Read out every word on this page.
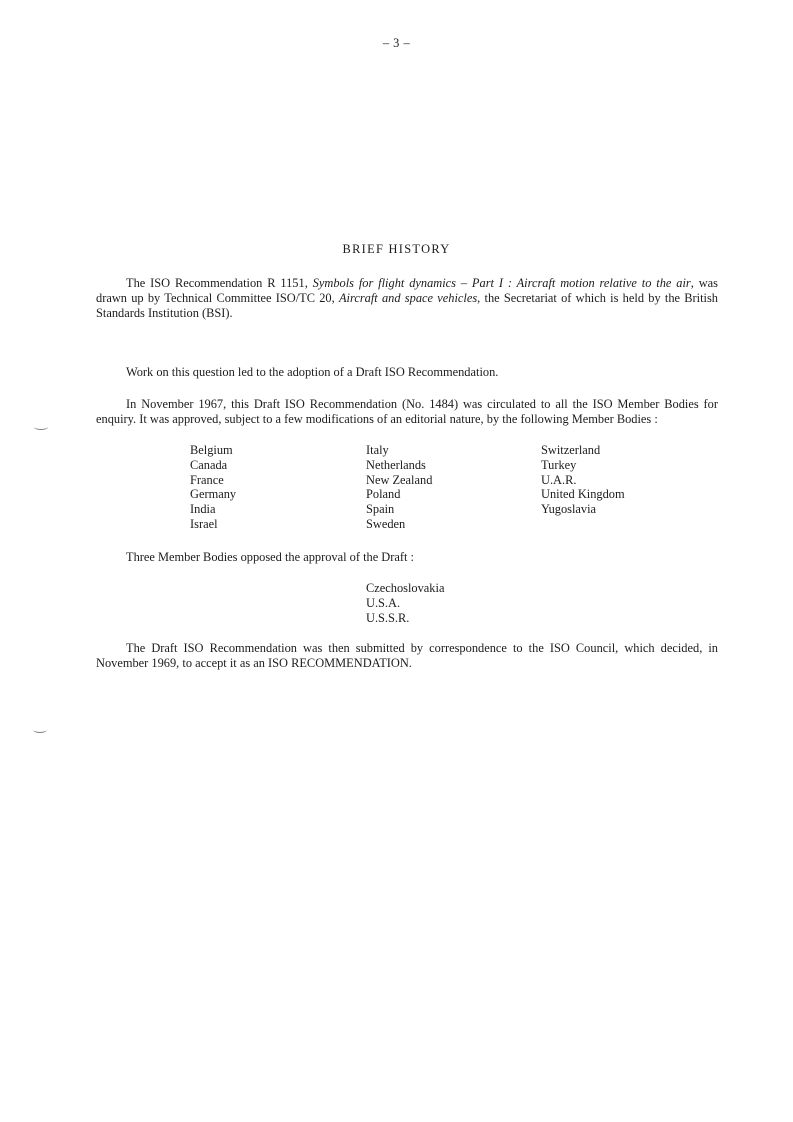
– 3 –
BRIEF HISTORY

The ISO Recommendation R 1151, Symbols for flight dynamics – Part I : Aircraft motion relative to the air, was drawn up by Technical Committee ISO/TC 20, Aircraft and space vehicles, the Secretariat of which is held by the British Standards Institution (BSI).

Work on this question led to the adoption of a Draft ISO Recommendation.

In November 1967, this Draft ISO Recommendation (No. 1484) was circulated to all the ISO Member Bodies for enquiry. It was approved, subject to a few modifications of an editorial nature, by the following Member Bodies :

Belgium
Canada
France
Germany
India
Israel
Italy
Netherlands
New Zealand
Poland
Spain
Sweden
Switzerland
Turkey
U.A.R.
United Kingdom
Yugoslavia

Three Member Bodies opposed the approval of the Draft :

Czechoslovakia
U.S.A.
U.S.S.R.

The Draft ISO Recommendation was then submitted by correspondence to the ISO Council, which decided, in November 1969, to accept it as an ISO RECOMMENDATION.
